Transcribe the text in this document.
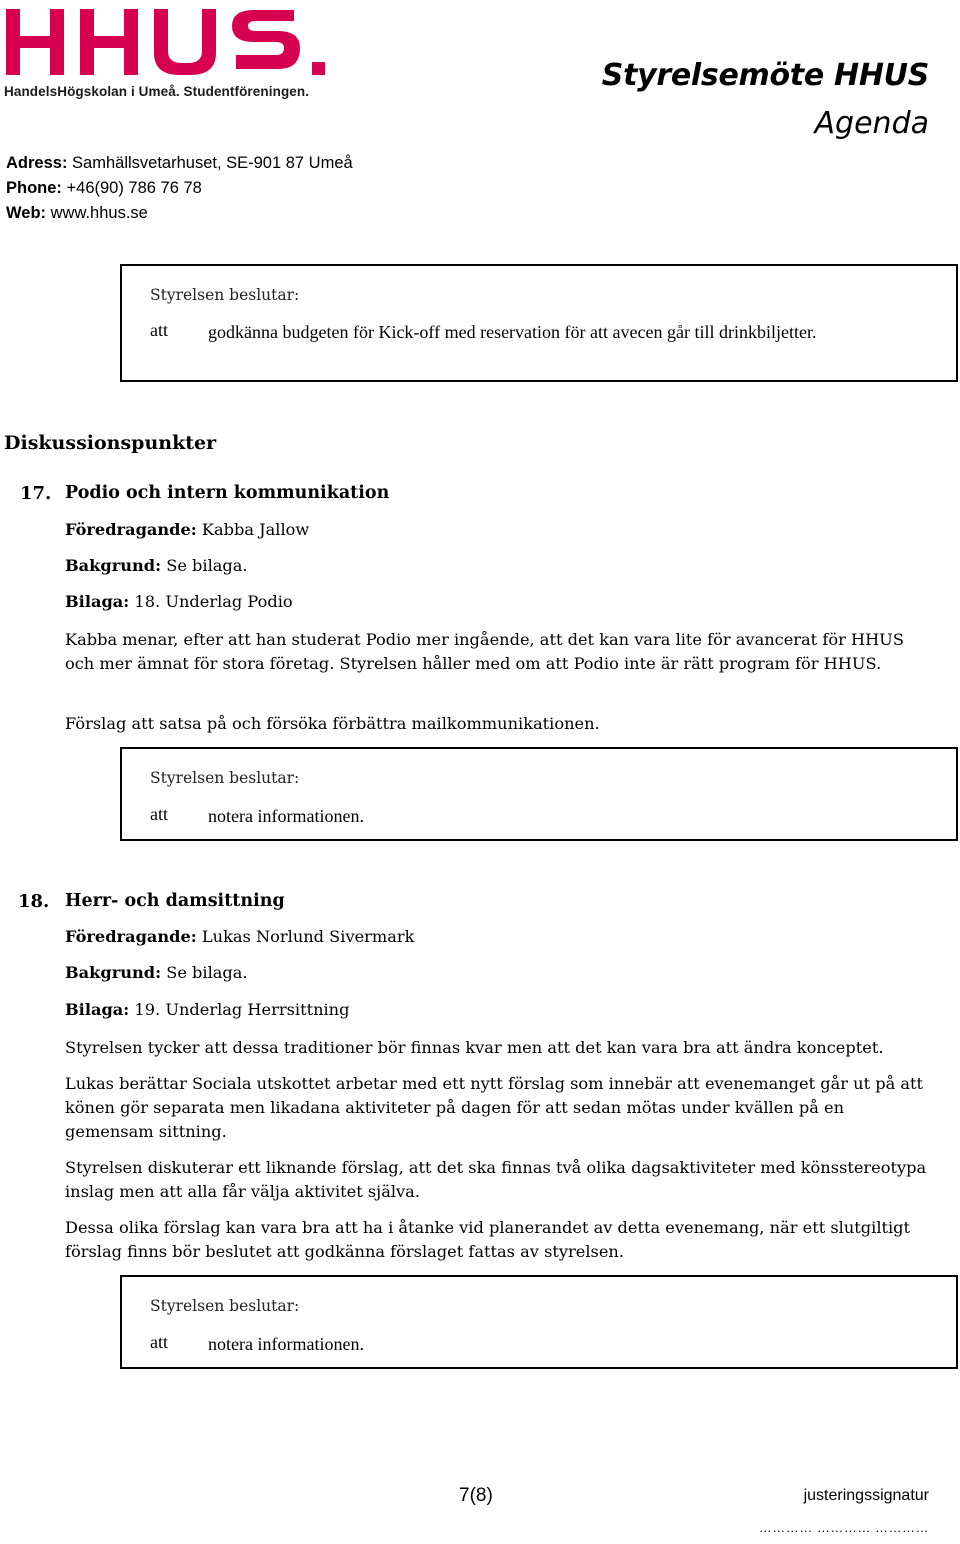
HandelsHögskolan i Umeå. Studentföreningen.	Styrelsemöte HHUS
Agenda
Adress: Samhällsvetarhuset, SE-901 87 Umeå
Phone: +46(90) 786 76 78
Web: www.hhus.se
Styrelsen beslutar:
att godkänna budgeten för Kick-off med reservation för att avecen går till drinkbiljetter.
Diskussionspunkter
17. Podio och intern kommunikation
Föredragande: Kabba Jallow
Bakgrund: Se bilaga.
Bilaga: 18. Underlag Podio
Kabba menar, efter att han studerat Podio mer ingående, att det kan vara lite för avancerat för HHUS och mer ämnat för stora företag. Styrelsen håller med om att Podio inte är rätt program för HHUS.
Förslag att satsa på och försöka förbättra mailkommunikationen.
Styrelsen beslutar:
att notera informationen.
18. Herr- och damsittning
Föredragande: Lukas Norlund Sivermark
Bakgrund: Se bilaga.
Bilaga: 19. Underlag Herrsittning
Styrelsen tycker att dessa traditioner bör finnas kvar men att det kan vara bra att ändra konceptet.
Lukas berättar Sociala utskottet arbetar med ett nytt förslag som innebär att evenemanget går ut på att könen gör separata men likadana aktiviteter på dagen för att sedan mötas under kvällen på en gemensam sittning.
Styrelsen diskuterar ett liknande förslag, att det ska finnas två olika dagsaktiviteter med könsstereotypa inslag men att alla får välja aktivitet själva.
Dessa olika förslag kan vara bra att ha i åtanke vid planerandet av detta evenemang, när ett slutgiltigt förslag finns bör beslutet att godkänna förslaget fattas av styrelsen.
Styrelsen beslutar:
att notera informationen.
7(8)	justeringssignatur
………… ………… …………
